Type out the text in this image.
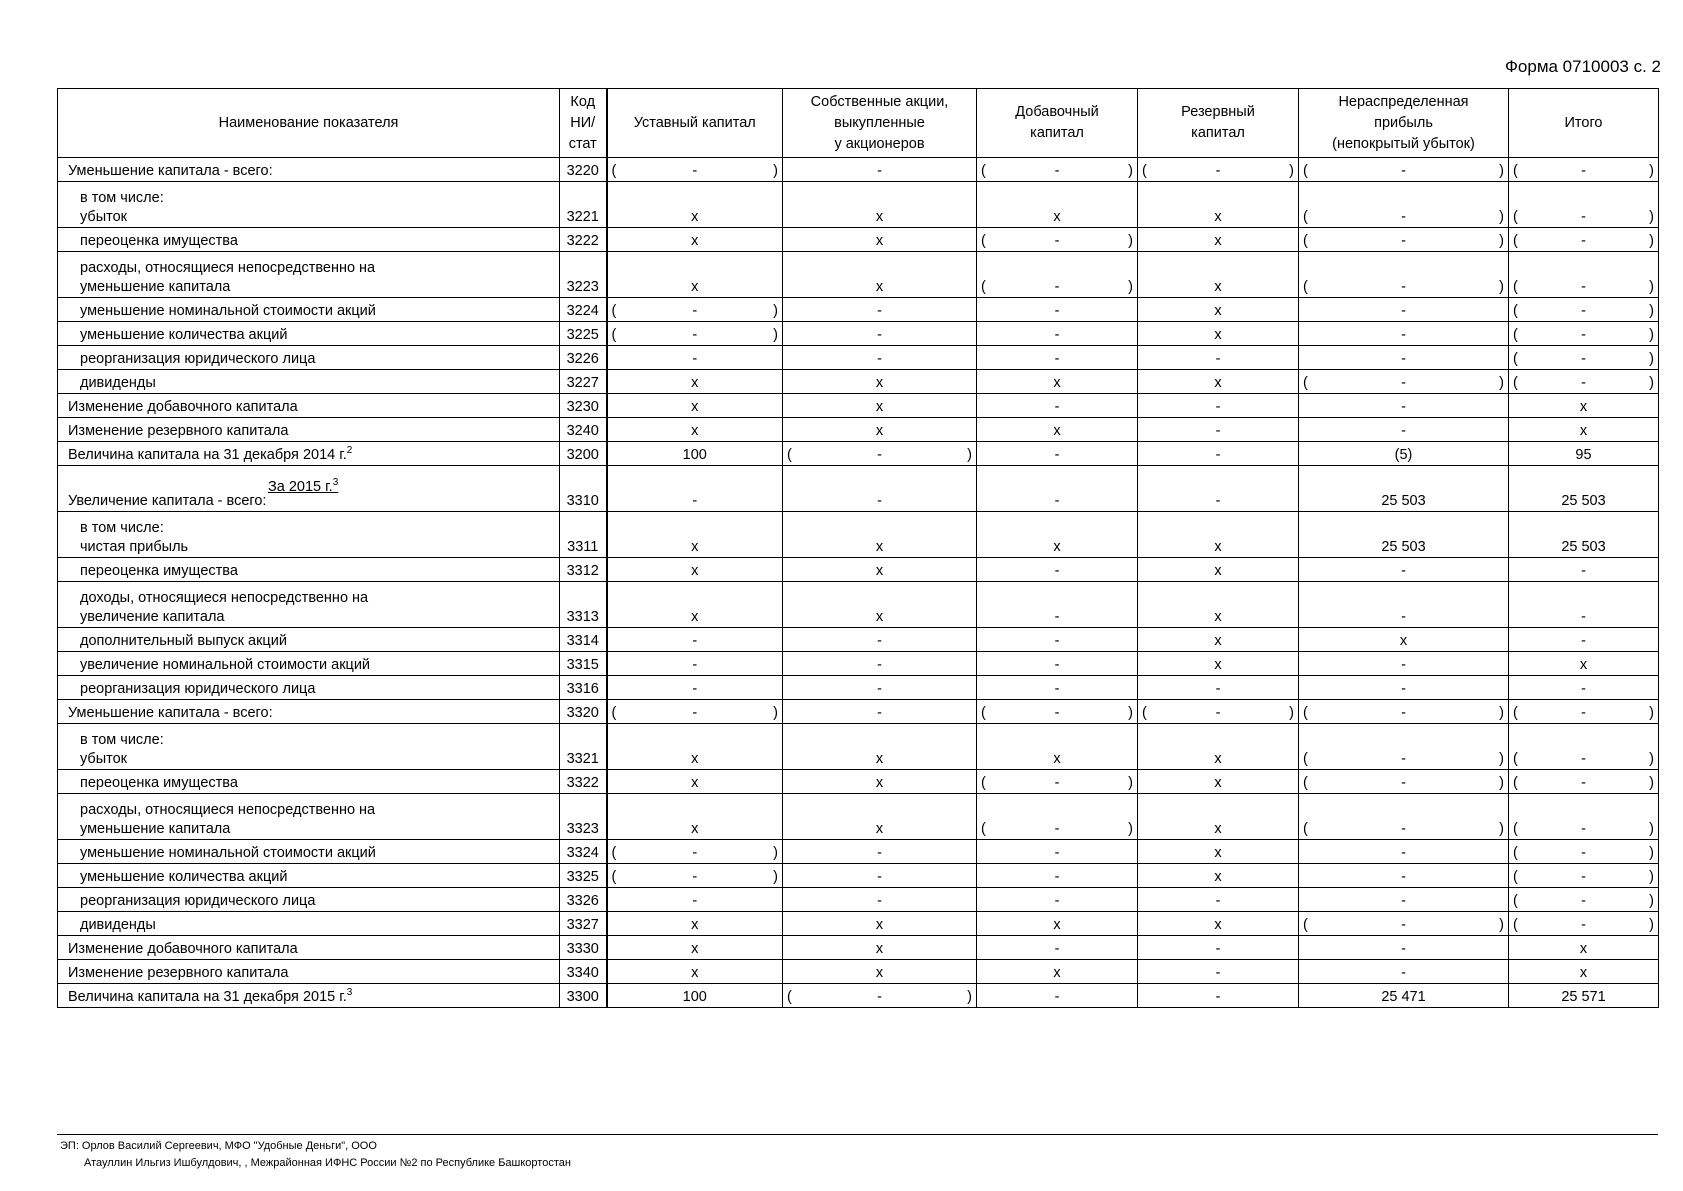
Форма 0710003 с. 2
Наименование показателя	Код
НИ/
стат	Уставный капитал	Собственные акции,
выкупленные
у акционеров	Добавочный
капитал	Резервный
капитал	Нераспределенная
прибыль
(непокрытый убыток)	Итого
Уменьшение капитала - всего:	3220	( - )	-	( - )	( - )	( - )	( - )

в том числе:
убыток	3221	x	x	x	x	( - )	( - )

переоценка имущества	3222	x	x	( - )	x	( - )	( - )

расходы, относящиеся непосредственно на
уменьшение капитала	3223	x	x	( - )	x	( - )	( - )

уменьшение номинальной стоимости акций	3224	( - )	-	-	x	-	( - )

уменьшение количества акций	3225	( - )	-	-	x	-	( - )

реорганизация юридического лица	3226	-	-	-	-	-	( - )

дивиденды	3227	x	x	x	x	( - )	( - )

Изменение добавочного капитала	3230	x	x	-	-	-	x
Изменение резервного капитала	3240	x	x	x	-	-	x
Величина капитала на 31 декабря 2014 г.$^2$	3200	100	( - )	-	-	(5)	95

За 2015 г.$^3$
Увеличение капитала - всего:	3310	-	-	-	-	25 503	25 503

в том числе:
чистая прибыль	3311	x	x	x	x	25 503	25 503
переоценка имущества	3312	x	x	-	x	-	-

доходы, относящиеся непосредственно на
увеличение капитала	3313	x	x	-	x	-	-
дополнительный выпуск акций	3314	-	-	-	x	x	-
увеличение номинальной стоимости акций	3315	-	-	-	x	-	x
реорганизация юридического лица	3316	-	-	-	-	-	-
Уменьшение капитала - всего:	3320	( - )	-	( - )	( - )	( - )	( - )

в том числе:
убыток	3321	x	x	x	x	( - )	( - )

переоценка имущества	3322	x	x	( - )	x	( - )	( - )

расходы, относящиеся непосредственно на
уменьшение капитала	3323	x	x	( - )	x	( - )	( - )

уменьшение номинальной стоимости акций	3324	( - )	-	-	x	-	( - )

уменьшение количества акций	3325	( - )	-	-	x	-	( - )

реорганизация юридического лица	3326	-	-	-	-	-	( - )

дивиденды	3327	x	x	x	x	( - )	( - )

Изменение добавочного капитала	3330	x	x	-	-	-	x
Изменение резервного капитала	3340	x	x	x	-	-	x
Величина капитала на 31 декабря 2015 г.$^3$	3300	100	( - )	-	-	25 471	25 571
ЭП: Орлов Василий Сергеевич, МФО "Удобные Деньги", ООО
Атауллин Ильгиз Ишбулдович, , Межрайонная ИФНС России №2 по Республике Башкортостан
